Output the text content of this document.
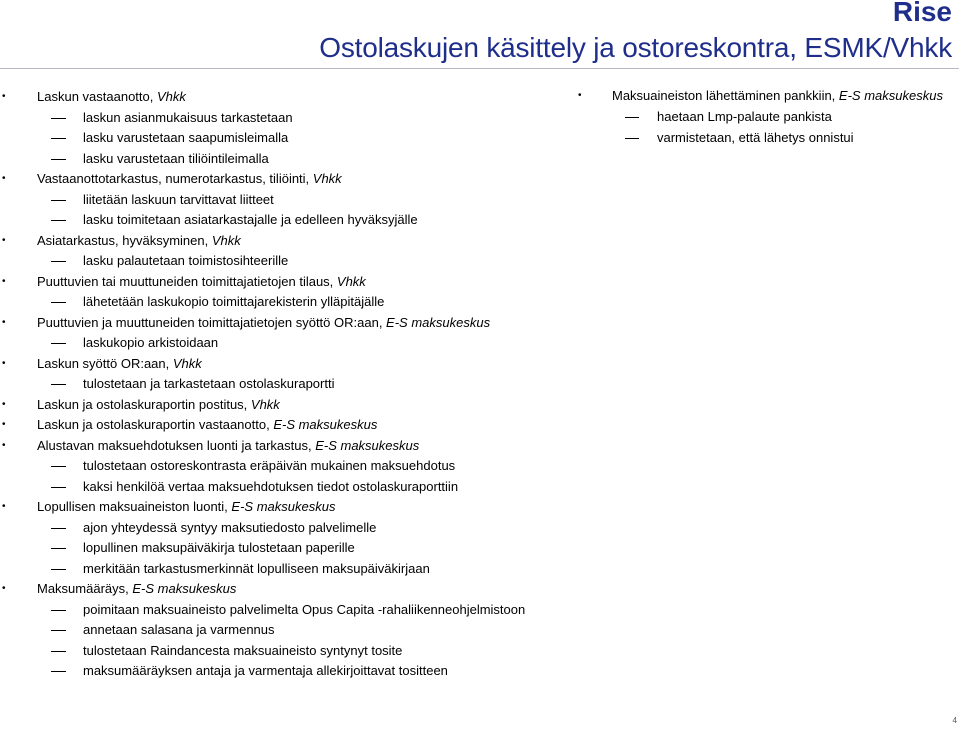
Rise
Ostolaskujen käsittely ja ostoreskontra, ESMK/Vhkk
• Laskun vastaanotto, Vhkk
laskun asianmukaisuus tarkastetaan
lasku varustetaan saapumisleimalla
lasku varustetaan tiliöintileimalla
• Vastaanottotarkastus, numerotarkastus, tiliöinti, Vhkk
liitetään laskuun tarvittavat liitteet
lasku toimitetaan asiatarkastajalle ja edelleen hyväksyjälle
• Asiatarkastus, hyväksyminen, Vhkk
lasku palautetaan toimistosihteerille
• Puuttuvien tai muuttuneiden toimittajatietojen tilaus, Vhkk
lähetetään laskukopio toimittajarekisterin ylläpitäjälle
• Puuttuvien ja muuttuneiden toimittajatietojen syöttö OR:aan, E-S maksukeskus
laskukopio arkistoidaan
• Laskun syöttö OR:aan, Vhkk
tulostetaan ja tarkastetaan ostolaskuraportti
• Laskun ja ostolaskuraportin postitus, Vhkk
• Laskun ja ostolaskuraportin vastaanotto, E-S maksukeskus
• Alustavan maksuehdotuksen luonti ja tarkastus, E-S maksukeskus
tulostetaan ostoreskontrasta eräpäivän mukainen maksuehdotus
kaksi henkilöä vertaa maksuehdotuksen tiedot ostolaskuraporttiin
• Lopullisen maksuaineiston luonti, E-S maksukeskus
ajon yhteydessä syntyy maksutiedosto palvelimelle
lopullinen maksupäiväkirja tulostetaan paperille
merkitään tarkastusmerkinnät lopulliseen maksupäiväkirjaan
• Maksumääräys, E-S maksukeskus
poimitaan maksuaineisto palvelimelta Opus Capita -rahaliikenneohjelmistoon
annetaan salasana ja varmennus
tulostetaan Raindancesta maksuaineisto syntynyt tosite
maksumääräyksen antaja ja varmentaja allekirjoittavat tositteen
• Maksuaineiston lähettäminen pankkiin, E-S maksukeskus
haetaan Lmp-palaute pankista
varmistetaan, että lähetys onnistui
4
